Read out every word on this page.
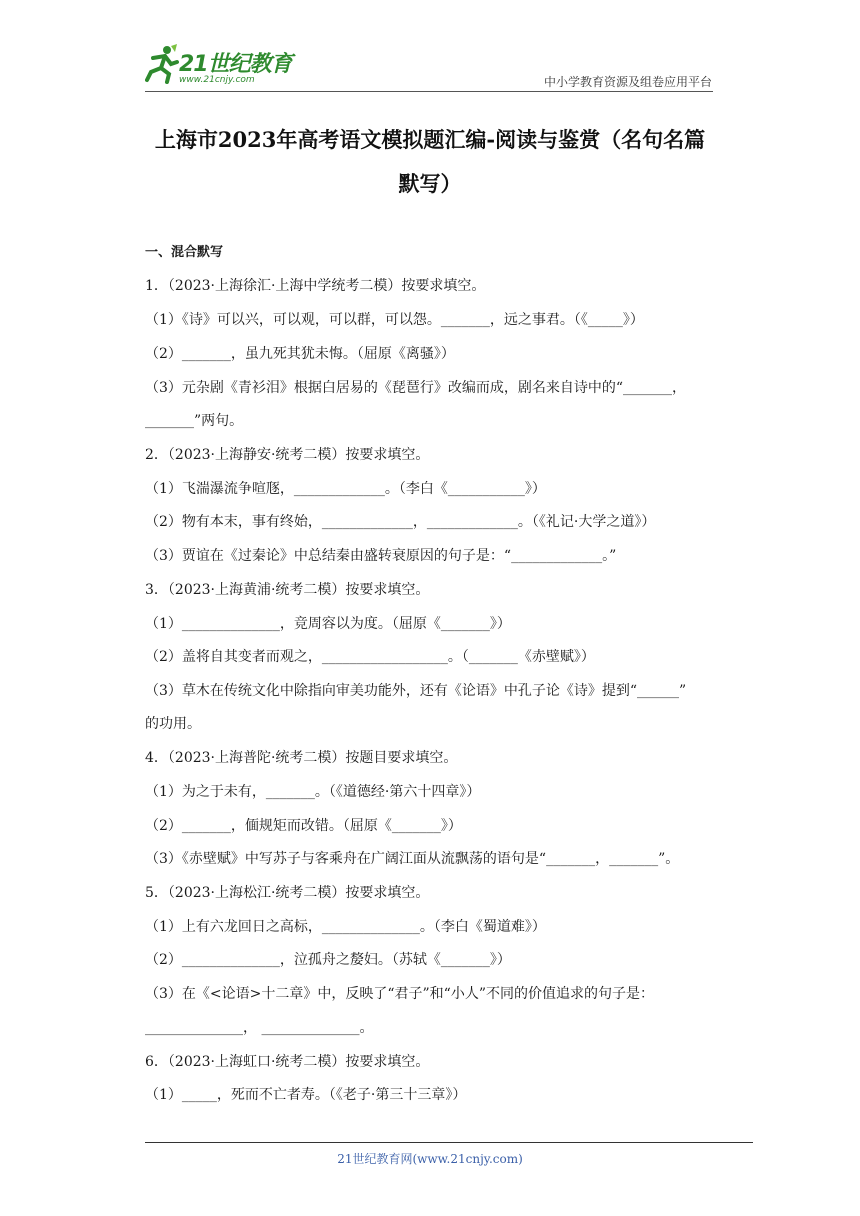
21世纪教育
www.21cnjy.com	中小学教育资源及组卷应用平台
上海市2023年高考语文模拟题汇编-阅读与鉴赏（名句名篇默写）
一、混合默写
1．（2023·上海徐汇·上海中学统考二模）按要求填空。
（1）《诗》可以兴，可以观，可以群，可以怨。_______，远之事君。（《_____》）
（2）_______，虽九死其犹未悔。（屈原《离骚》）
（3）元杂剧《青衫泪》根据白居易的《琵琶行》改编而成，剧名来自诗中的“_______，
_______”两句。
2．（2023·上海静安·统考二模）按要求填空。
（1）飞湍瀑流争喧豗，_____________。（李白《___________》）
（2）物有本末，事有终始，_____________，_____________。（《礼记·大学之道》）
（3）贾谊在《过秦论》中总结秦由盛转衰原因的句子是：“_____________。”
3．（2023·上海黄浦·统考二模）按要求填空。
（1）______________，竞周容以为度。（屈原《_______》）
（2）盖将自其变者而观之，__________________。（_______《赤壁赋》）
（3）草木在传统文化中除指向审美功能外，还有《论语》中孔子论《诗》提到“______”
的功用。
4．（2023·上海普陀·统考二模）按题目要求填空。
（1）为之于未有，_______。（《道德经·第六十四章》）
（2）_______，偭规矩而改错。（屈原《_______》）
（3）《赤壁赋》中写苏子与客乘舟在广阔江面从流飘荡的语句是“_______，_______”。
5．（2023·上海松江·统考二模）按要求填空。
（1）上有六龙回日之高标，______________。（李白《蜀道难》）
（2）______________，泣孤舟之嫠妇。（苏轼《_______》）
（3）在《<论语>十二章》中，反映了“君子”和“小人”不同的价值追求的句子是：
______________， ______________。
6．（2023·上海虹口·统考二模）按要求填空。
（1）_____，死而不亡者寿。（《老子·第三十三章》）
21世纪教育网(www.21cnjy.com)
